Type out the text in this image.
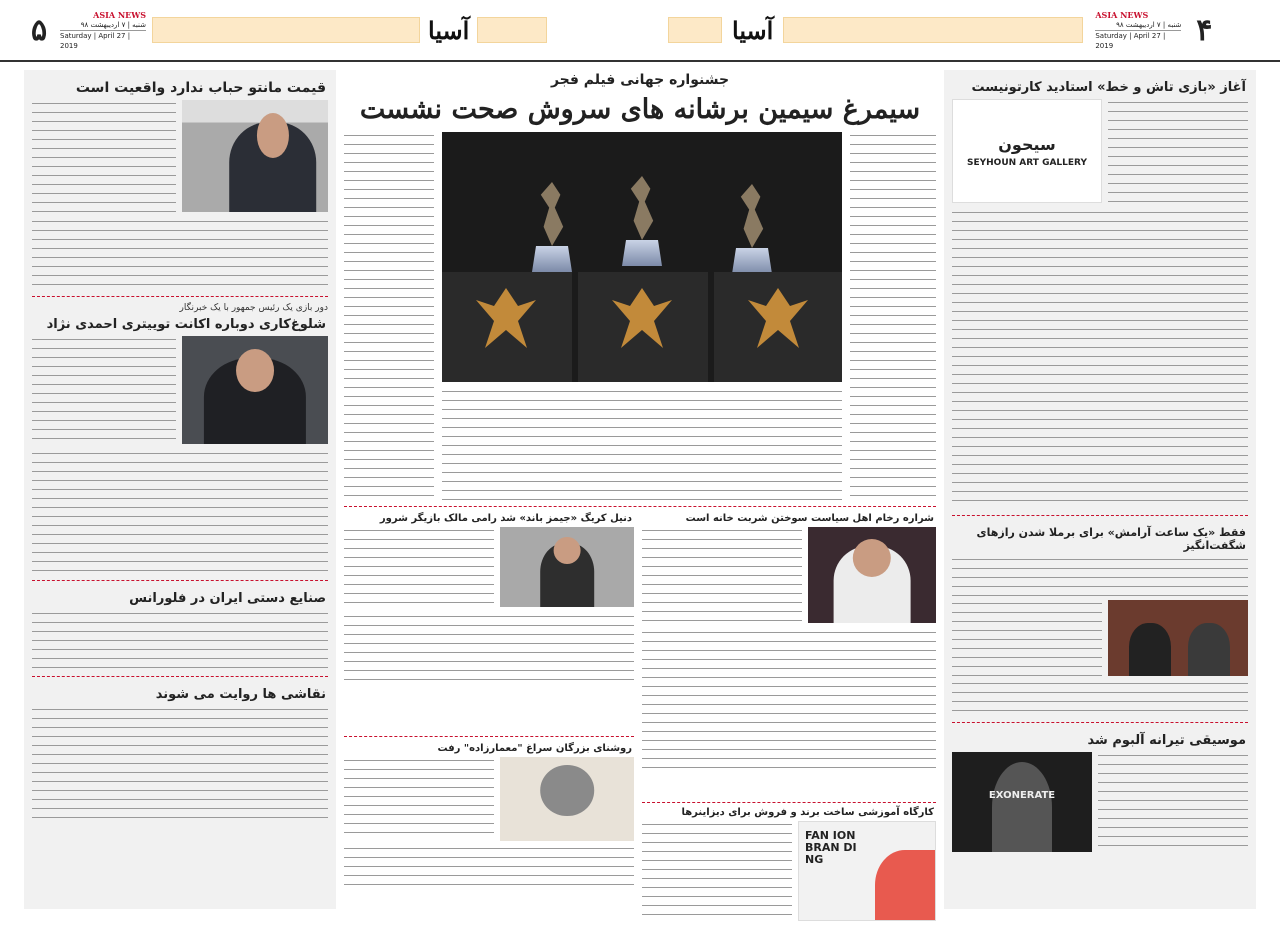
۵	ASIA NEWS
شنبه | ۷ اردیبهشت ۹۸
Saturday | April 27 | 2019
آسیا	آسیا
ASIA NEWS
شنبه | ۷ اردیبهشت ۹۸
Saturday | April 27 | 2019	۴
قیمت مانتو حباب ندارد واقعیت است
دور بازی یک رئیس جمهور با یک خبرنگار
شلوغ‌کاری دوباره اکانت توییتری احمدی نژاد
صنایع دستی ایران در فلورانس
نقاشی ها روایت می شوند
جشنواره جهانی فیلم فجر
سیمرغ سیمین برشانه های سروش صحت نشست
شراره رخام اهل سیاست سوختن شربت خانه است
دنیل کریگ «جیمز باند» شد رامی مالک بازیگر شرور
روشنای بزرگان سراغ "معمارزاده" رفت
کارگاه آموزشی ساخت برند و فروش برای دیزاینرها
FAN ION BRAN DI NG
آغاز «بازی تاش و خط» استادید کارتونیست
سیحون
SEYHOUN ART GALLERY
فقط «یک ساعت آرامش» برای برملا شدن رازهای شگفت‌انگیز
موسیقی تیرانه آلبوم شد
EXONERATE
